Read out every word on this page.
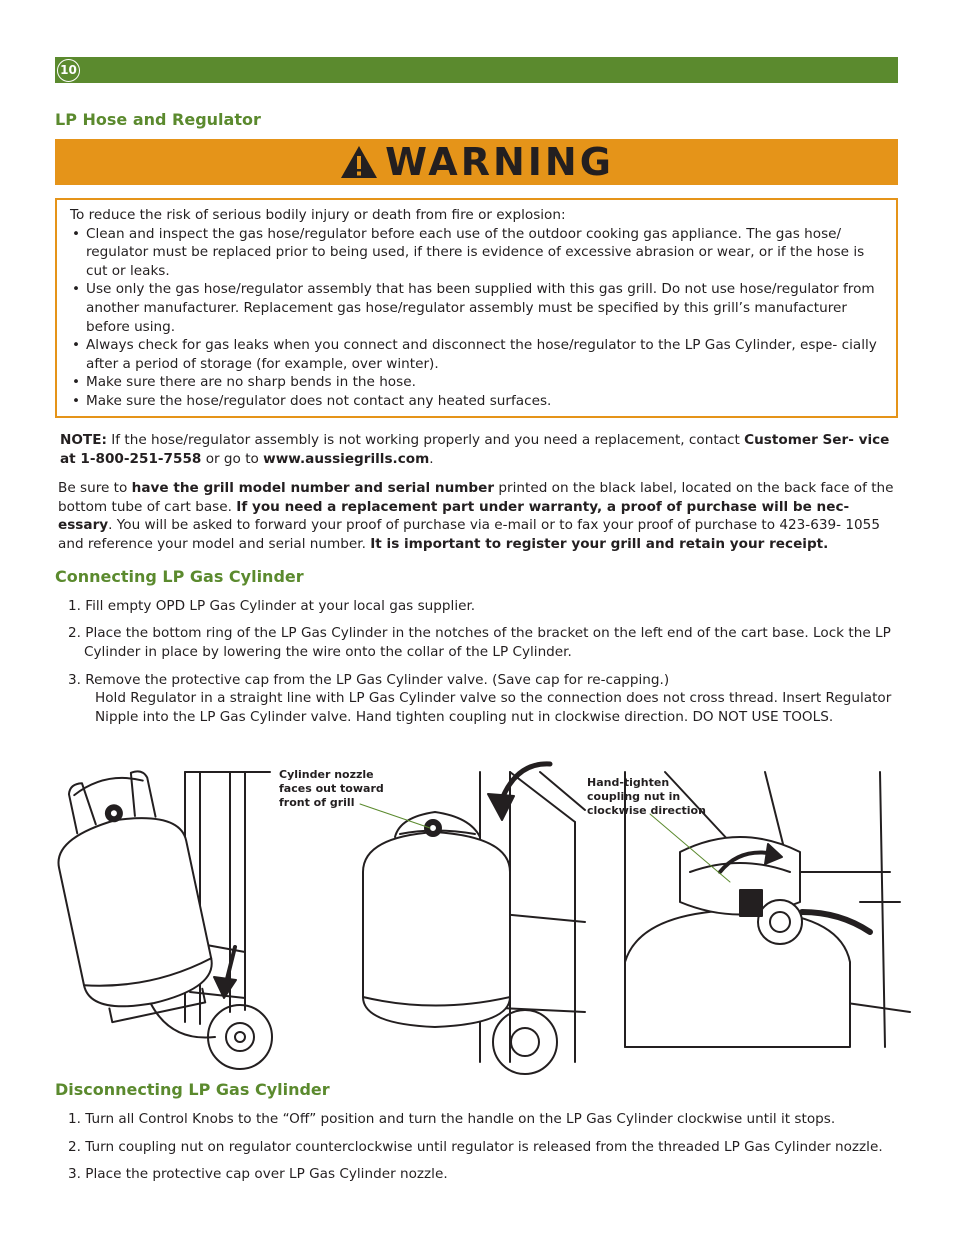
10
LP Hose and Regulator
WARNING
To reduce the risk of serious bodily injury or death from fire or explosion:
• Clean and inspect the gas hose/regulator before each use of the outdoor cooking gas appliance. The gas hose/ regulator must be replaced prior to being used, if there is evidence of excessive abrasion or wear, or if the hose is cut or leaks.
• Use only the gas hose/regulator assembly that has been supplied with this gas grill. Do not use hose/regulator from another manufacturer. Replacement gas hose/regulator assembly must be specified by this grill’s manufacturer before using.
• Always check for gas leaks when you connect and disconnect the hose/regulator to the LP Gas Cylinder, espe- cially after a period of storage (for example, over winter).
• Make sure there are no sharp bends in the hose.
• Make sure the hose/regulator does not contact any heated surfaces.
NOTE: If the hose/regulator assembly is not working properly and you need a replacement, contact Customer Ser- vice at 1-800-251-7558 or go to www.aussiegrills.com.
Be sure to have the grill model number and serial number printed on the black label, located on the back face of the bottom tube of cart base. If you need a replacement part under warranty, a proof of purchase will be nec- essary. You will be asked to forward your proof of purchase via e-mail or to fax your proof of purchase to 423-639- 1055 and reference your model and serial number. It is important to register your grill and retain your receipt.
Connecting LP Gas Cylinder
1. Fill empty OPD LP Gas Cylinder at your local gas supplier.
2. Place the bottom ring of the LP Gas Cylinder in the notches of the bracket on the left end of the cart base. Lock the LP Cylinder in place by lowering the wire onto the collar of the LP Cylinder.
3. Remove the protective cap from the LP Gas Cylinder valve. (Save cap for re-capping.)
Hold Regulator in a straight line with LP Gas Cylinder valve so the connection does not cross thread. Insert Regulator Nipple into the LP Gas Cylinder valve. Hand tighten coupling nut in clockwise direction. DO NOT USE TOOLS.
Cylinder nozzle faces out toward front of grill
Hand-tighten coupling nut in clockwise direction
Disconnecting LP Gas Cylinder
1. Turn all Control Knobs to the “Off” position and turn the handle on the LP Gas Cylinder clockwise until it stops.
2. Turn coupling nut on regulator counterclockwise until regulator is released from the threaded LP Gas Cylinder nozzle.
3. Place the protective cap over LP Gas Cylinder nozzle.
